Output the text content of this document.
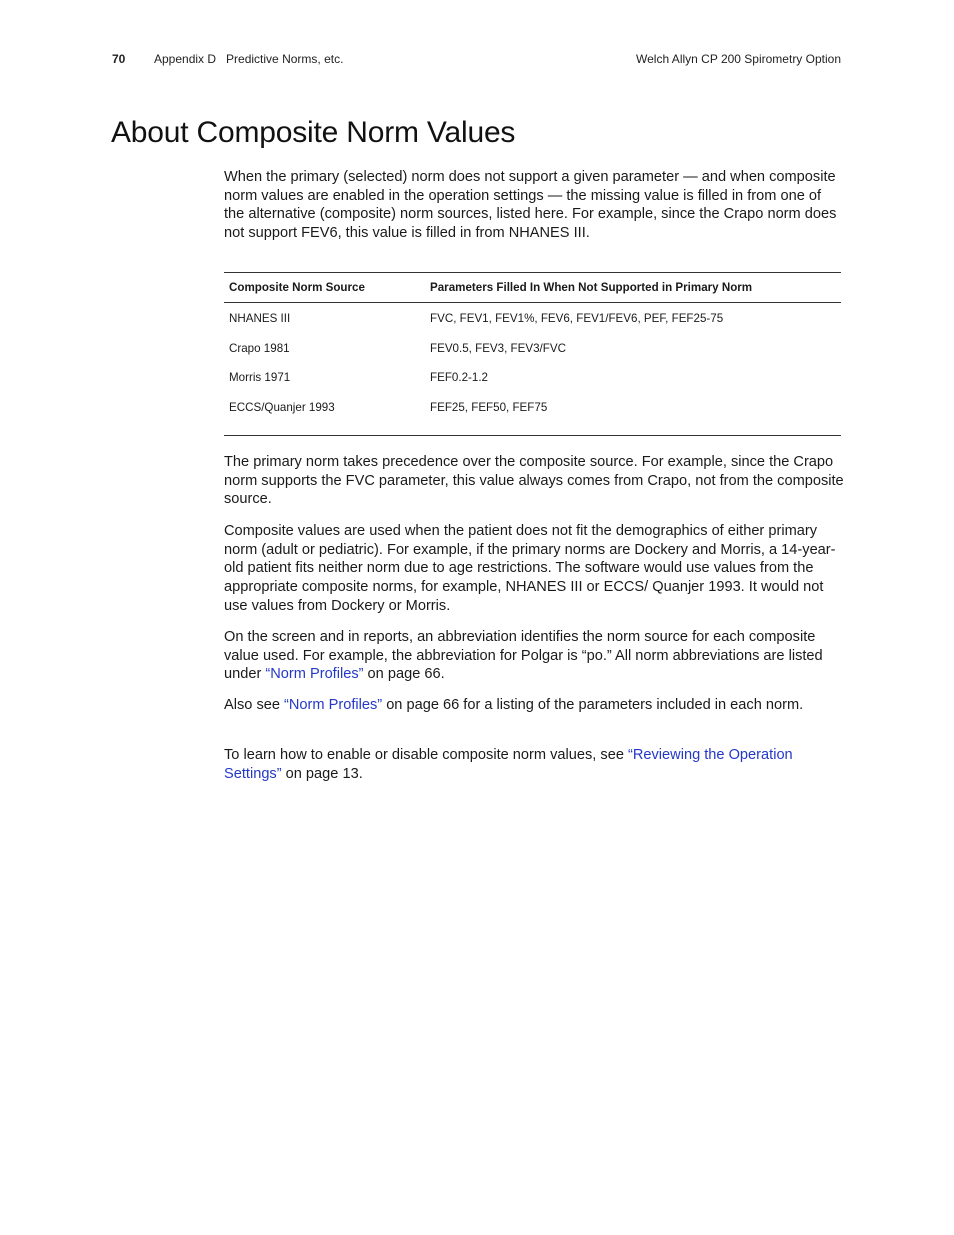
70 Appendix D   Predictive Norms, etc.	Welch Allyn CP 200 Spirometry Option
About Composite Norm Values

When the primary (selected) norm does not support a given parameter — and when composite norm values are enabled in the operation settings — the missing value is filled in from one of the alternative (composite) norm sources, listed here. For example, since the Crapo norm does not support FEV6, this value is filled in from NHANES III.

Composite Norm Source	Parameters Filled In When Not Supported in Primary Norm
NHANES III	FVC, FEV1, FEV1%, FEV6, FEV1/FEV6, PEF, FEF25-75
Crapo 1981	FEV0.5, FEV3, FEV3/FVC
Morris 1971	FEF0.2-1.2
ECCS/Quanjer 1993	FEF25, FEF50, FEF75

The primary norm takes precedence over the composite source. For example, since the Crapo norm supports the FVC parameter, this value always comes from Crapo, not from the composite source.

Composite values are used when the patient does not fit the demographics of either primary norm (adult or pediatric). For example, if the primary norms are Dockery and Morris, a 14-year-old patient fits neither norm due to age restrictions. The software would use values from the appropriate composite norms, for example, NHANES III or ECCS/ Quanjer 1993. It would not use values from Dockery or Morris.

On the screen and in reports, an abbreviation identifies the norm source for each composite value used. For example, the abbreviation for Polgar is “po.” All norm abbreviations are listed under “Norm Profiles” on page 66.

Also see “Norm Profiles” on page 66 for a listing of the parameters included in each norm.

To learn how to enable or disable composite norm values, see “Reviewing the Operation Settings” on page 13.
